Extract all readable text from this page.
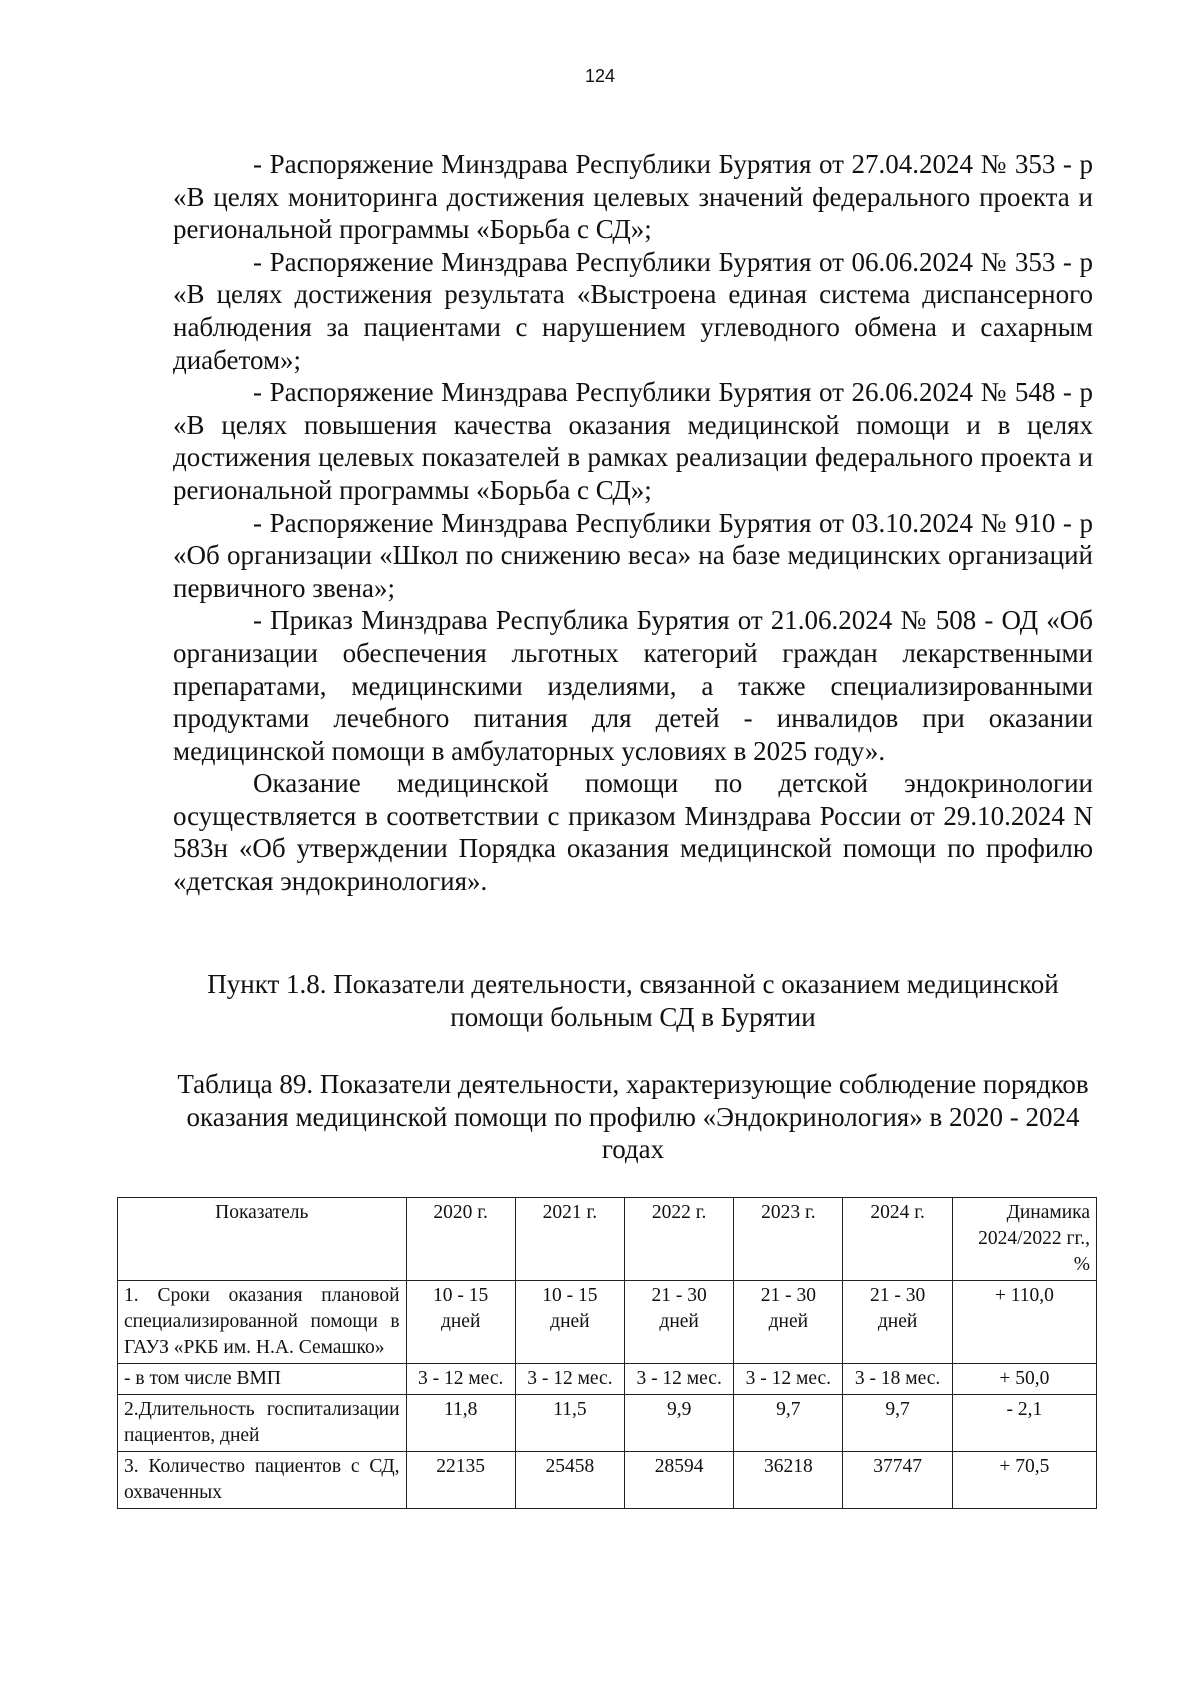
124

- Распоряжение Минздрава Республики Бурятия от 27.04.2024 № 353 - р «В целях мониторинга достижения целевых значений федерального проекта и региональной программы «Борьба с СД»;

- Распоряжение Минздрава Республики Бурятия от 06.06.2024 № 353 - р «В целях достижения результата «Выстроена единая система диспансерного наблюдения за пациентами с нарушением углеводного обмена и сахарным диабетом»;

- Распоряжение Минздрава Республики Бурятия от 26.06.2024 № 548 - р «В целях повышения качества оказания медицинской помощи и в целях достижения целевых показателей в рамках реализации федерального проекта и региональной программы «Борьба с СД»;

- Распоряжение Минздрава Республики Бурятия от 03.10.2024 № 910 - р «Об организации «Школ по снижению веса» на базе медицинских организаций первичного звена»;

- Приказ Минздрава Республика Бурятия от 21.06.2024 № 508 - ОД «Об организации обеспечения льготных категорий граждан лекарственными препаратами, медицинскими изделиями, а также специализированными продуктами лечебного питания для детей - инвалидов при оказании медицинской помощи в амбулаторных условиях в 2025 году».

Оказание медицинской помощи по детской эндокринологии осуществляется в соответствии с приказом Минздрава России от 29.10.2024 N 583н «Об утверждении Порядка оказания медицинской помощи по профилю «детская эндокринология».

Пункт 1.8. Показатели деятельности, связанной с оказанием медицинской помощи больным СД в Бурятии

Таблица 89. Показатели деятельности, характеризующие соблюдение порядков оказания медицинской помощи по профилю «Эндокринология» в 2020 - 2024 годах

Показатель	2020 г.	2021 г.	2022 г.	2023 г.	2024 г.	Динамика 2024/2022 гг., %
1. Сроки оказания плановой специализированной помощи в ГАУЗ «РКБ им. Н.А. Семашко»	10 - 15 дней	10 - 15 дней	21 - 30 дней	21 - 30 дней	21 - 30 дней	+ 110,0
- в том числе ВМП	3 - 12 мес.	3 - 12 мес.	3 - 12 мес.	3 - 12 мес.	3 - 18 мес.	+ 50,0
2.Длительность госпитализации пациентов, дней	11,8	11,5	9,9	9,7	9,7	- 2,1
3. Количество пациентов с СД, охваченных	22135	25458	28594	36218	37747	+ 70,5
